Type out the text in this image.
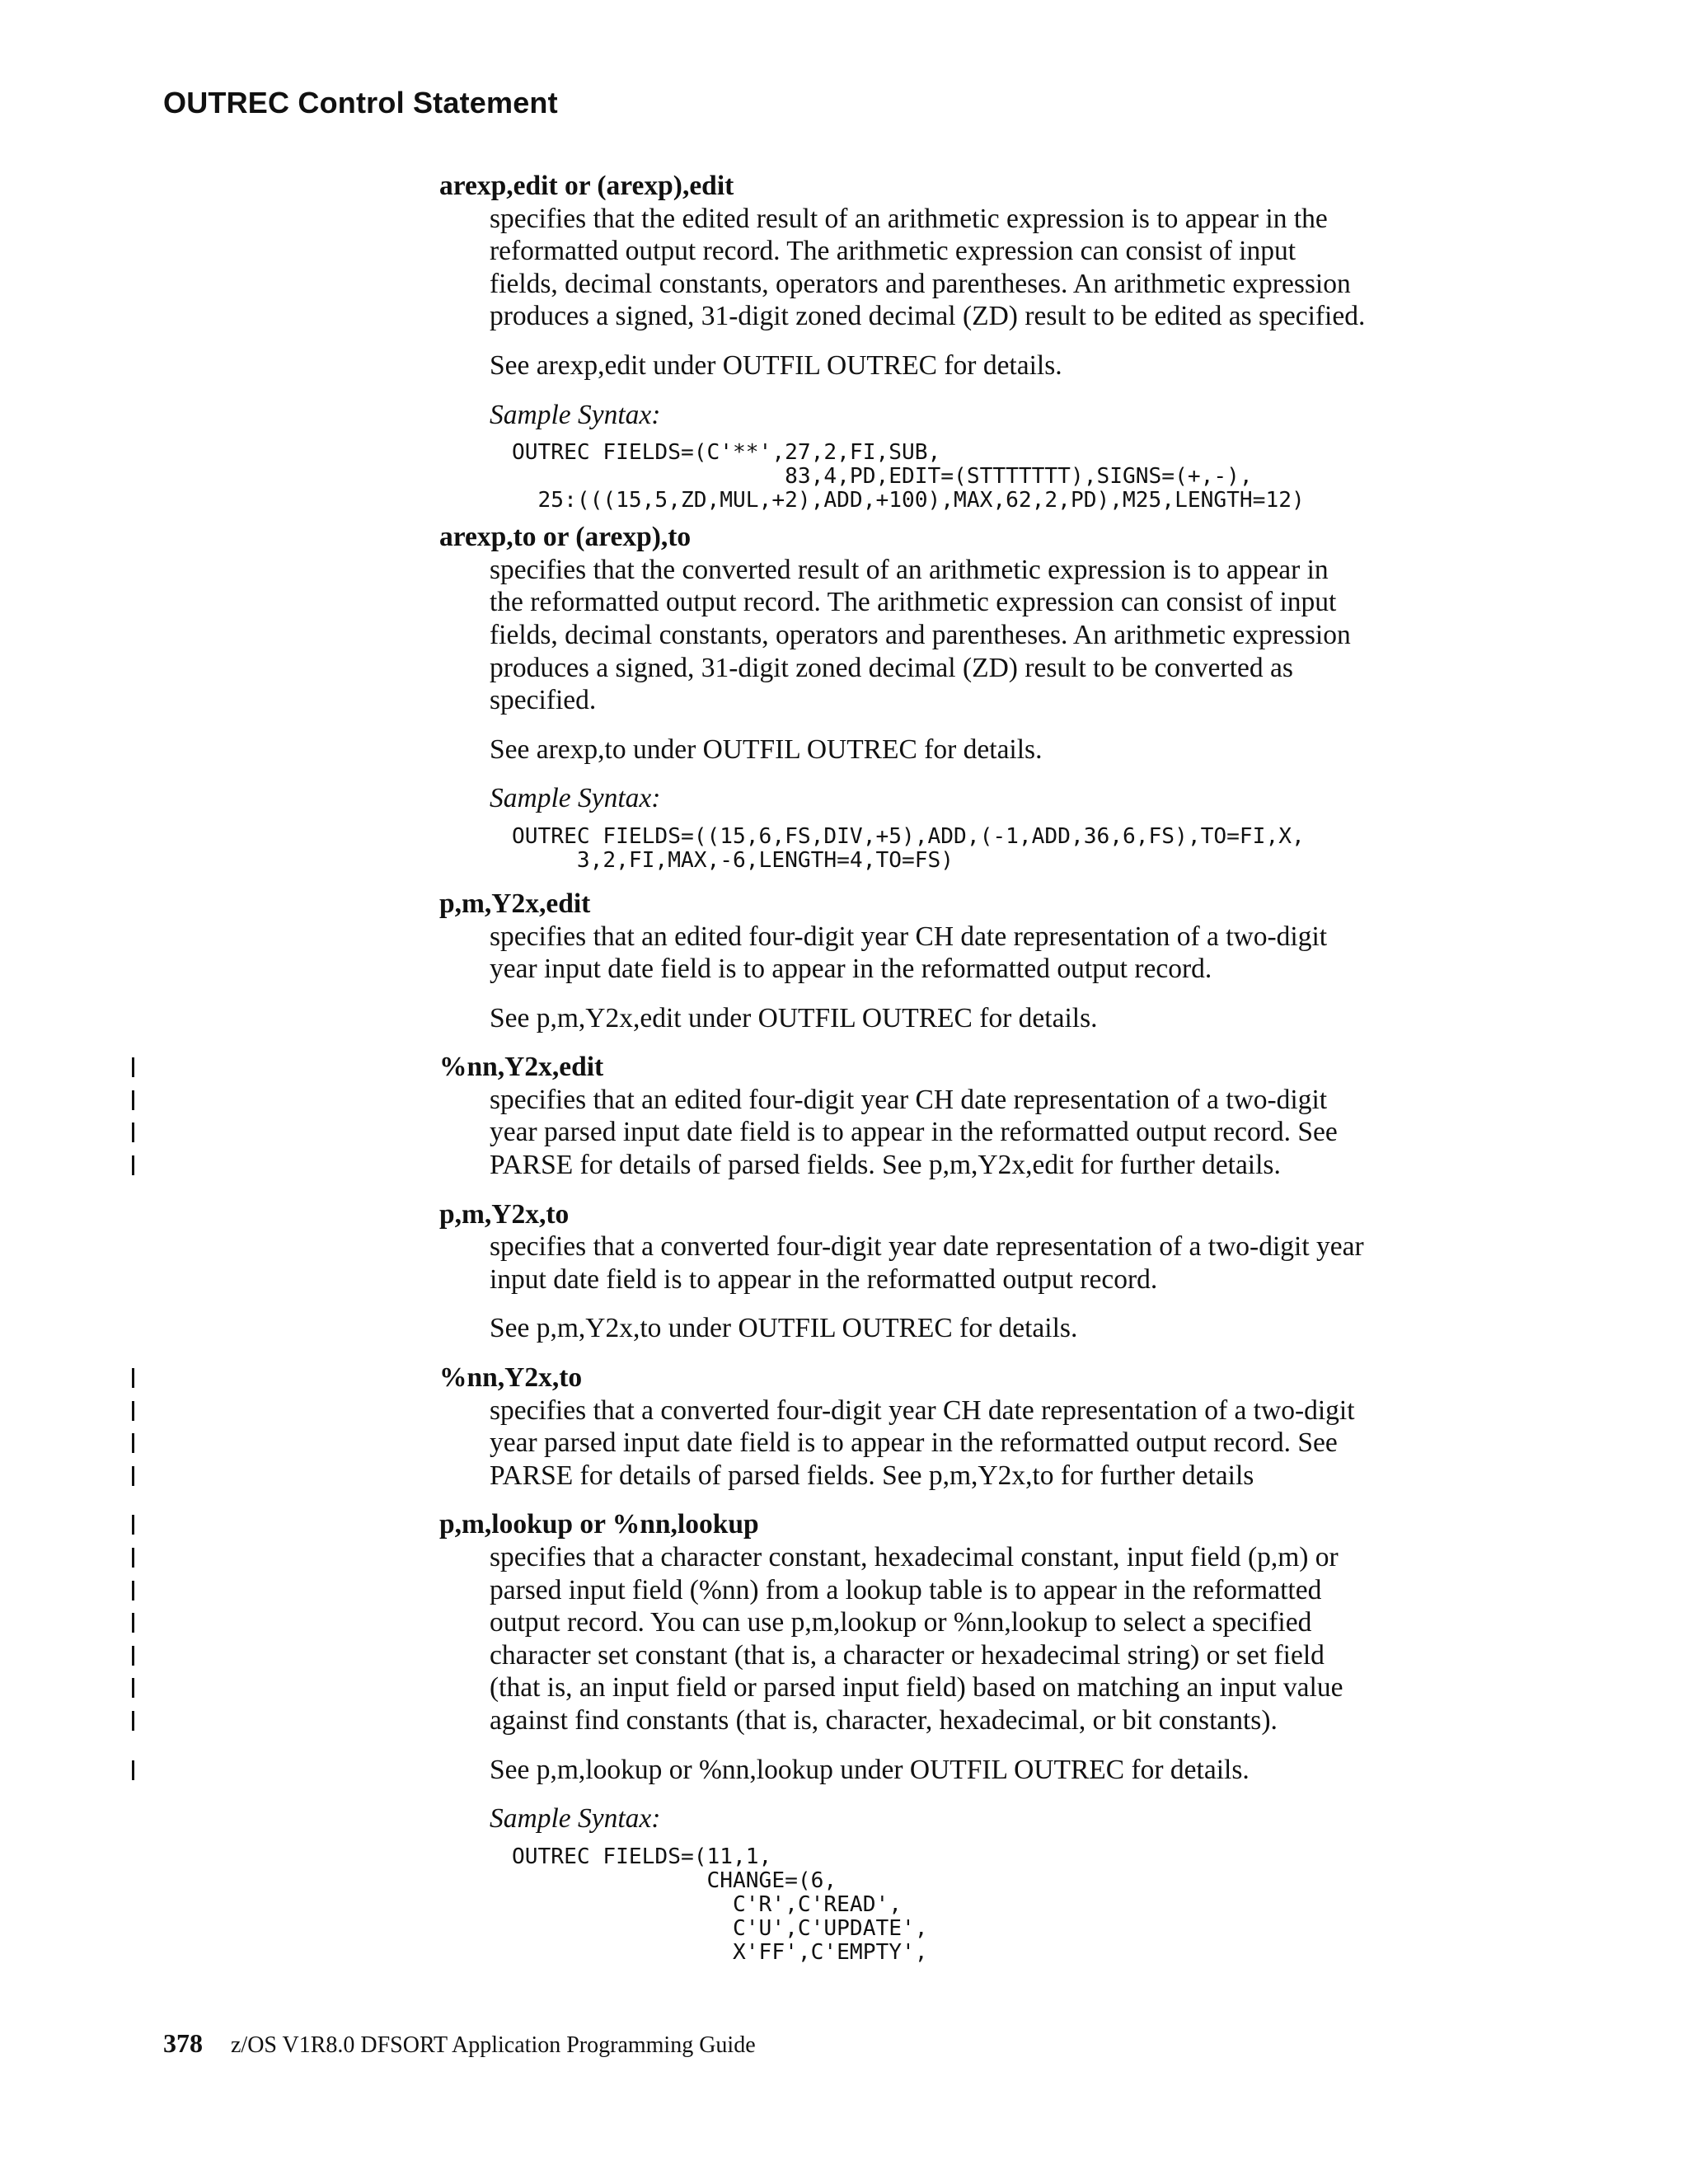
OUTREC Control Statement
arexp,edit or (arexp),edit
specifies that the edited result of an arithmetic expression is to appear in the
reformatted output record. The arithmetic expression can consist of input
fields, decimal constants, operators and parentheses. An arithmetic expression
produces a signed, 31-digit zoned decimal (ZD) result to be edited as specified.
See arexp,edit under OUTFIL OUTREC for details.
Sample Syntax:
OUTREC FIELDS=(C'**',27,2,FI,SUB,
83,4,PD,EDIT=(STTTTTTT),SIGNS=(+,-),
25:(((15,5,ZD,MUL,+2),ADD,+100),MAX,62,2,PD),M25,LENGTH=12)
arexp,to or (arexp),to
specifies that the converted result of an arithmetic expression is to appear in
the reformatted output record. The arithmetic expression can consist of input
fields, decimal constants, operators and parentheses. An arithmetic expression
produces a signed, 31-digit zoned decimal (ZD) result to be converted as
specified.
See arexp,to under OUTFIL OUTREC for details.
Sample Syntax:
OUTREC FIELDS=((15,6,FS,DIV,+5),ADD,(-1,ADD,36,6,FS),TO=FI,X,
3,2,FI,MAX,-6,LENGTH=4,TO=FS)
p,m,Y2x,edit
specifies that an edited four-digit year CH date representation of a two-digit
year input date field is to appear in the reformatted output record.
See p,m,Y2x,edit under OUTFIL OUTREC for details.
%nn,Y2x,edit
specifies that an edited four-digit year CH date representation of a two-digit
year parsed input date field is to appear in the reformatted output record. See
PARSE for details of parsed fields. See p,m,Y2x,edit for further details.
p,m,Y2x,to
specifies that a converted four-digit year date representation of a two-digit year
input date field is to appear in the reformatted output record.
See p,m,Y2x,to under OUTFIL OUTREC for details.
%nn,Y2x,to
specifies that a converted four-digit year CH date representation of a two-digit
year parsed input date field is to appear in the reformatted output record. See
PARSE for details of parsed fields. See p,m,Y2x,to for further details
p,m,lookup or %nn,lookup
specifies that a character constant, hexadecimal constant, input field (p,m) or
parsed input field (%nn) from a lookup table is to appear in the reformatted
output record. You can use p,m,lookup or %nn,lookup to select a specified
character set constant (that is, a character or hexadecimal string) or set field
(that is, an input field or parsed input field) based on matching an input value
against find constants (that is, character, hexadecimal, or bit constants).
See p,m,lookup or %nn,lookup under OUTFIL OUTREC for details.
Sample Syntax:
OUTREC FIELDS=(11,1,
CHANGE=(6,
C'R',C'READ',
C'U',C'UPDATE',
X'FF',C'EMPTY',
378 z/OS V1R8.0 DFSORT Application Programming Guide
